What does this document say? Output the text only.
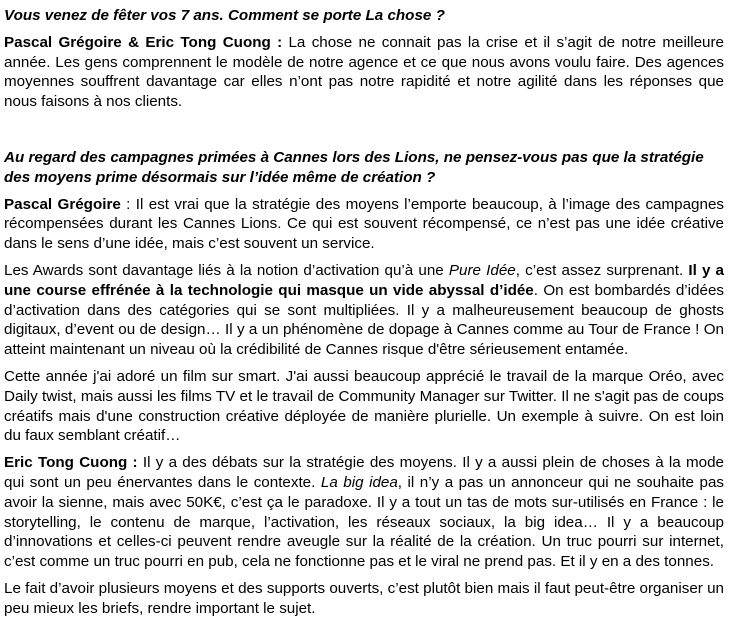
Vous venez de fêter vos 7 ans. Comment se porte La chose ?

Pascal Grégoire & Eric Tong Cuong : La chose ne connait pas la crise et il s’agit de notre meilleure année. Les gens comprennent le modèle de notre agence et ce que nous avons voulu faire. Des agences moyennes souffrent davantage car elles n’ont pas notre rapidité et notre agilité dans les réponses que nous faisons à nos clients.

Au regard des campagnes primées à Cannes lors des Lions, ne pensez-vous pas que la stratégie des moyens prime désormais sur l’idée même de création ?

Pascal Grégoire : Il est vrai que la stratégie des moyens l’emporte beaucoup, à l’image des campagnes récompensées durant les Cannes Lions. Ce qui est souvent récompensé, ce n’est pas une idée créative dans le sens d’une idée, mais c’est souvent un service.

Les Awards sont davantage liés à la notion d’activation qu’à une Pure Idée, c’est assez surprenant. Il y a une course effrénée à la technologie qui masque un vide abyssal d’idée. On est bombardés d’idées d’activation dans des catégories qui se sont multipliées. Il y a malheureusement beaucoup de ghosts digitaux, d’event ou de design… Il y a un phénomène de dopage à Cannes comme au Tour de France ! On atteint maintenant un niveau où la crédibilité de Cannes risque d'être sérieusement entamée.

Cette année j'ai adoré un film sur smart. J'ai aussi beaucoup apprécié le travail de la marque Oréo, avec Daily twist, mais aussi les films TV et le travail de Community Manager sur Twitter. Il ne s'agit pas de coups créatifs mais d'une construction créative déployée de manière plurielle. Un exemple à suivre. On est loin du faux semblant créatif…

Eric Tong Cuong : Il y a des débats sur la stratégie des moyens. Il y a aussi plein de choses à la mode qui sont un peu énervantes dans le contexte. La big idea, il n’y a pas un annonceur qui ne souhaite pas avoir la sienne, mais avec 50K€, c’est ça le paradoxe. Il y a tout un tas de mots sur-utilisés en France : le storytelling, le contenu de marque, l’activation, les réseaux sociaux, la big idea… Il y a beaucoup d’innovations et celles-ci peuvent rendre aveugle sur la réalité de la création. Un truc pourri sur internet, c’est comme un truc pourri en pub, cela ne fonctionne pas et le viral ne prend pas. Et il y en a des tonnes.

Le fait d’avoir plusieurs moyens et des supports ouverts, c’est plutôt bien mais il faut peut-être organiser un peu mieux les briefs, rendre important le sujet.
